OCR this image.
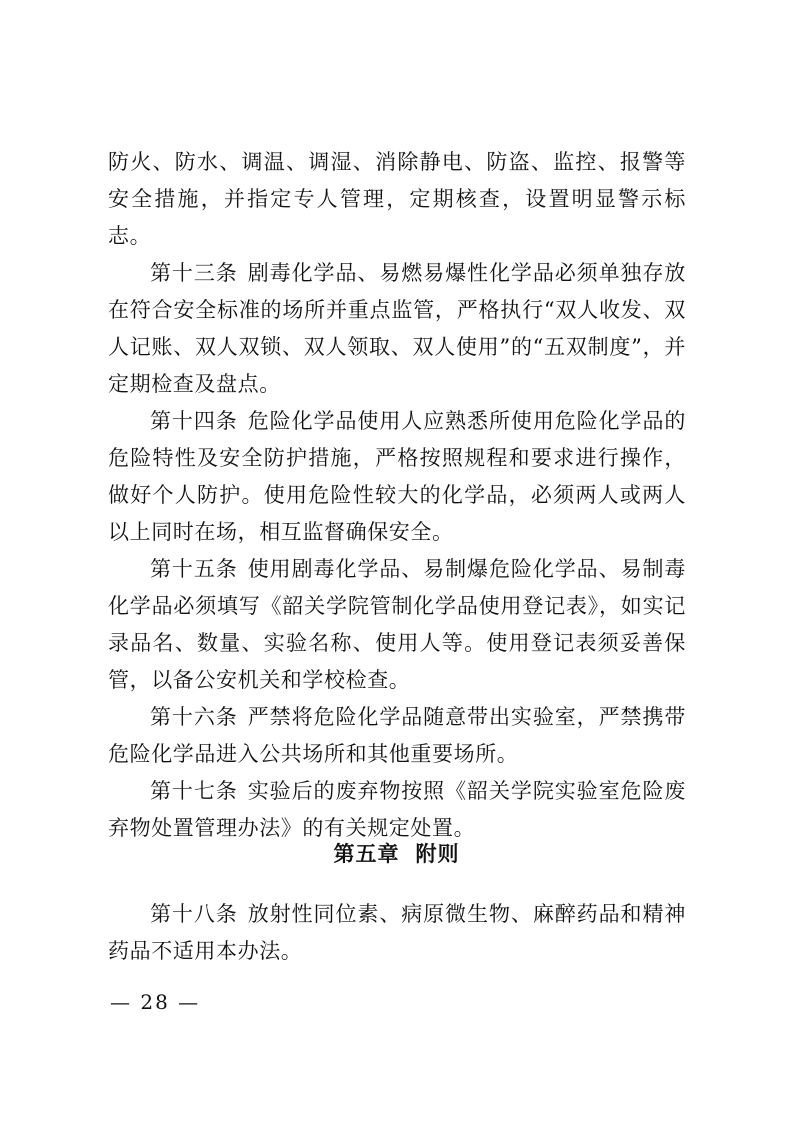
防火、防水、调温、调湿、消除静电、防盗、监控、报警等安全措施，并指定专人管理，定期核查，设置明显警示标志。

第十三条 剧毒化学品、易燃易爆性化学品必须单独存放在符合安全标准的场所并重点监管，严格执行“双人收发、双人记账、双人双锁、双人领取、双人使用”的“五双制度”，并定期检查及盘点。

第十四条 危险化学品使用人应熟悉所使用危险化学品的危险特性及安全防护措施，严格按照规程和要求进行操作，做好个人防护。使用危险性较大的化学品，必须两人或两人以上同时在场，相互监督确保安全。

第十五条 使用剧毒化学品、易制爆危险化学品、易制毒化学品必须填写《韶关学院管制化学品使用登记表》，如实记录品名、数量、实验名称、使用人等。使用登记表须妥善保管，以备公安机关和学校检查。

第十六条 严禁将危险化学品随意带出实验室，严禁携带危险化学品进入公共场所和其他重要场所。

第十七条 实验后的废弃物按照《韶关学院实验室危险废弃物处置管理办法》的有关规定处置。

第五章 附则

第十八条 放射性同位素、病原微生物、麻醉药品和精神药品不适用本办法。

— 28 —
